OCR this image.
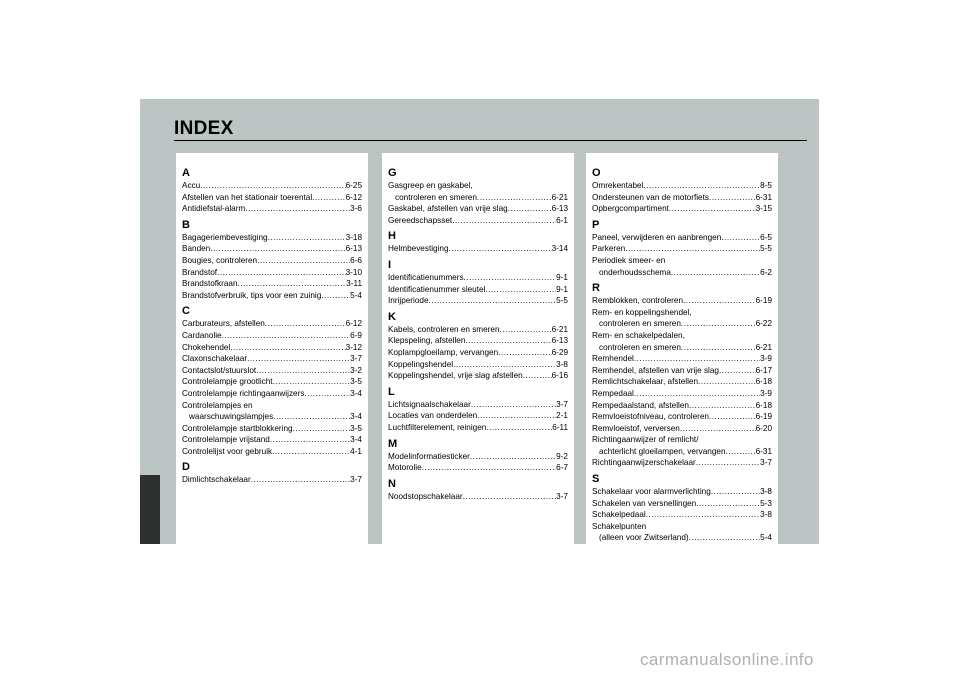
INDEX
A
Accu .....	6-25
Afstellen van het stationair toerental .....	6-12
Antidiefstal-alarm .....	3-6
B
Bagageriembevestiging .....	3-18
Banden .....	6-13
Bougies, controleren .....	6-6
Brandstof .....	3-10
Brandstofkraan .....	3-11
Brandstofverbruik, tips voor een zuinig .....	5-4
C
Carburateurs, afstellen .....	6-12
Cardanolie .....	6-9
Chokehendel .....	3-12
Claxonschakelaar .....	3-7
Contactslot/stuurslot .....	3-2
Controlelampje grootlicht .....	3-5
Controlelampje richtingaanwijzers .....	3-4
Controlelampjes en
waarschuwingslampjes .....	3-4
Controlelampje startblokkering .....	3-5
Controlelampje vrijstand .....	3-4
Controlelijst voor gebruik .....	4-1
D
Dimlichtschakelaar .....	3-7
G
Gasgreep en gaskabel,
controleren en smeren .....	6-21
Gaskabel, afstellen van vrije slag .....	6-13
Gereedschapsset .....	6-1
H
Helmbevestiging .....	3-14
I
Identificatienummers .....	9-1
Identificatienummer sleutel .....	9-1
Inrijperiode .....	5-5
K
Kabels, controleren en smeren .....	6-21
Klepspeling, afstellen .....	6-13
Koplampgloeilamp, vervangen .....	6-29
Koppelingshendel .....	3-8
Koppelingshendel, vrije slag afstellen .....	6-16
L
Lichtsignaalschakelaar .....	3-7
Locaties van onderdelen .....	2-1
Luchtfilterelement, reinigen .....	6-11
M
Modelinformatiesticker .....	9-2
Motorolie .....	6-7
N
Noodstopschakelaar .....	3-7
O
Omrekentabel .....	8-5
Ondersteunen van de motorfiets .....	6-31
Opbergcompartiment .....	3-15
P
Paneel, verwijderen en aanbrengen .....	6-5
Parkeren .....	5-5
Periodiek smeer- en
onderhoudsschema .....	6-2
R
Remblokken, controleren .....	6-19
Rem- en koppelingshendel,
controleren en smeren .....	6-22
Rem- en schakelpedalen,
controleren en smeren .....	6-21
Remhendel .....	3-9
Remhendel, afstellen van vrije slag .....	6-17
Remlichtschakelaar, afstellen .....	6-18
Rempedaal .....	3-9
Rempedaalstand, afstellen .....	6-18
Remvloeistofniveau, controleren .....	6-19
Remvloeistof, verversen .....	6-20
Richtingaanwijzer of remlicht/
achterlicht gloeilampen, vervangen .....	6-31
Richtingaanwijzerschakelaar .....	3-7
S
Schakelaar voor alarmverlichting .....	3-8
Schakelen van versnellingen .....	5-3
Schakelpedaal .....	3-8
Schakelpunten
(alleen voor Zwitserland) .....	5-4
carmanualsonline.info
